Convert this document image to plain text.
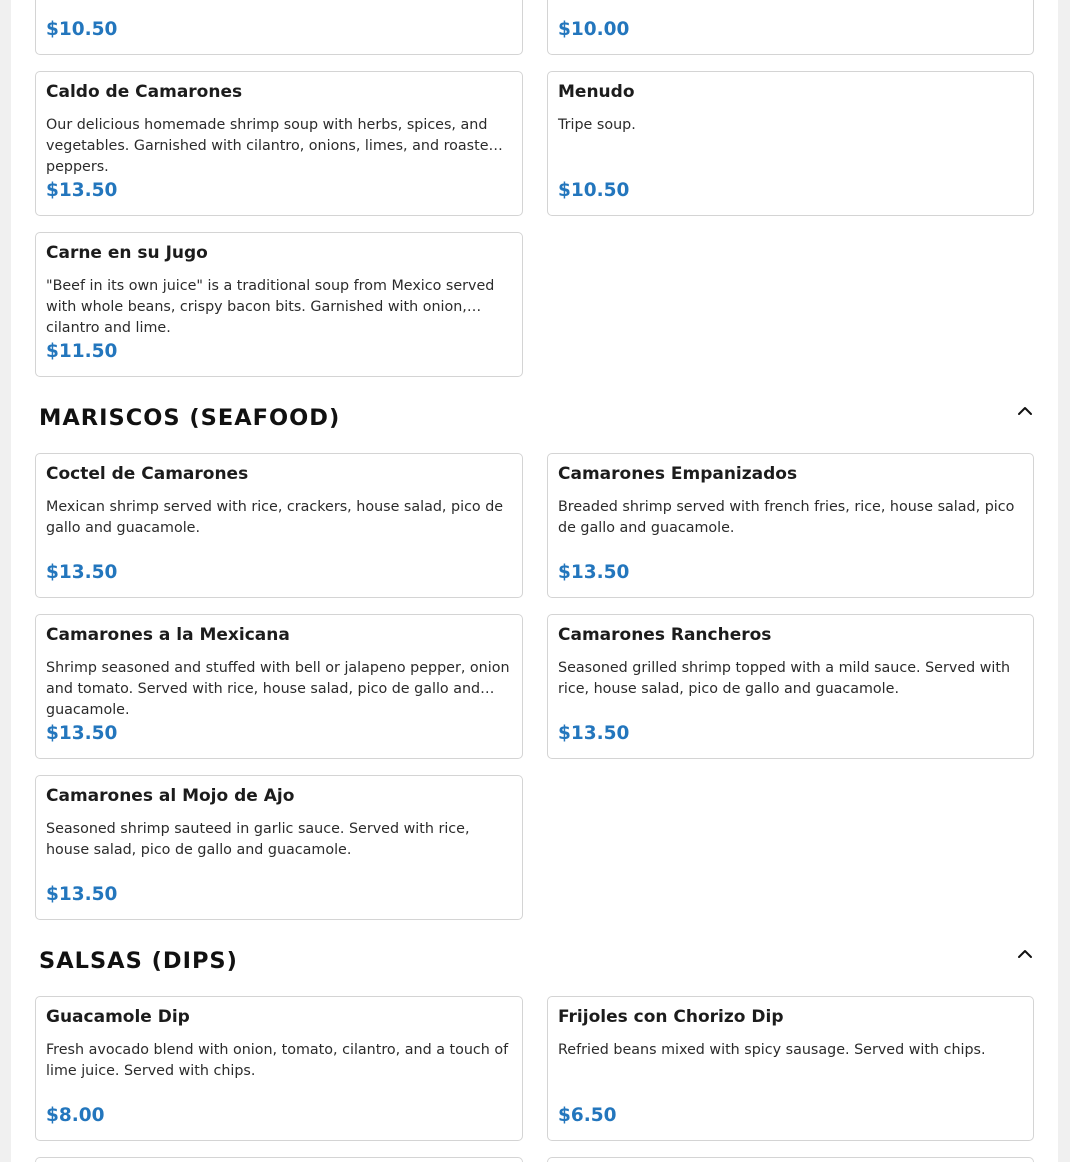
$10.50	$10.00
Caldo de Camarones
Our delicious homemade shrimp soup with herbs, spices, and vegetables. Garnished with cilantro, onions, limes, and roasted peppers.
$13.50
Menudo
Tripe soup.
$10.50
Carne en su Jugo
"Beef in its own juice" is a traditional soup from Mexico served with whole beans, crispy bacon bits. Garnished with onion, cilantro and lime.
$11.50
MARISCOS (SEAFOOD)
Coctel de Camarones
Mexican shrimp served with rice, crackers, house salad, pico de gallo and guacamole.
$13.50
Camarones Empanizados
Breaded shrimp served with french fries, rice, house salad, pico de gallo and guacamole.
$13.50
Camarones a la Mexicana
Shrimp seasoned and stuffed with bell or jalapeno pepper, onion and tomato. Served with rice, house salad, pico de gallo and guacamole.
$13.50
Camarones Rancheros
Seasoned grilled shrimp topped with a mild sauce. Served with rice, house salad, pico de gallo and guacamole.
$13.50
Camarones al Mojo de Ajo
Seasoned shrimp sauteed in garlic sauce. Served with rice, house salad, pico de gallo and guacamole.
$13.50
SALSAS (DIPS)
Guacamole Dip
Fresh avocado blend with onion, tomato, cilantro, and a touch of lime juice. Served with chips.
$8.00
Frijoles con Chorizo Dip
Refried beans mixed with spicy sausage. Served with chips.
$6.50
